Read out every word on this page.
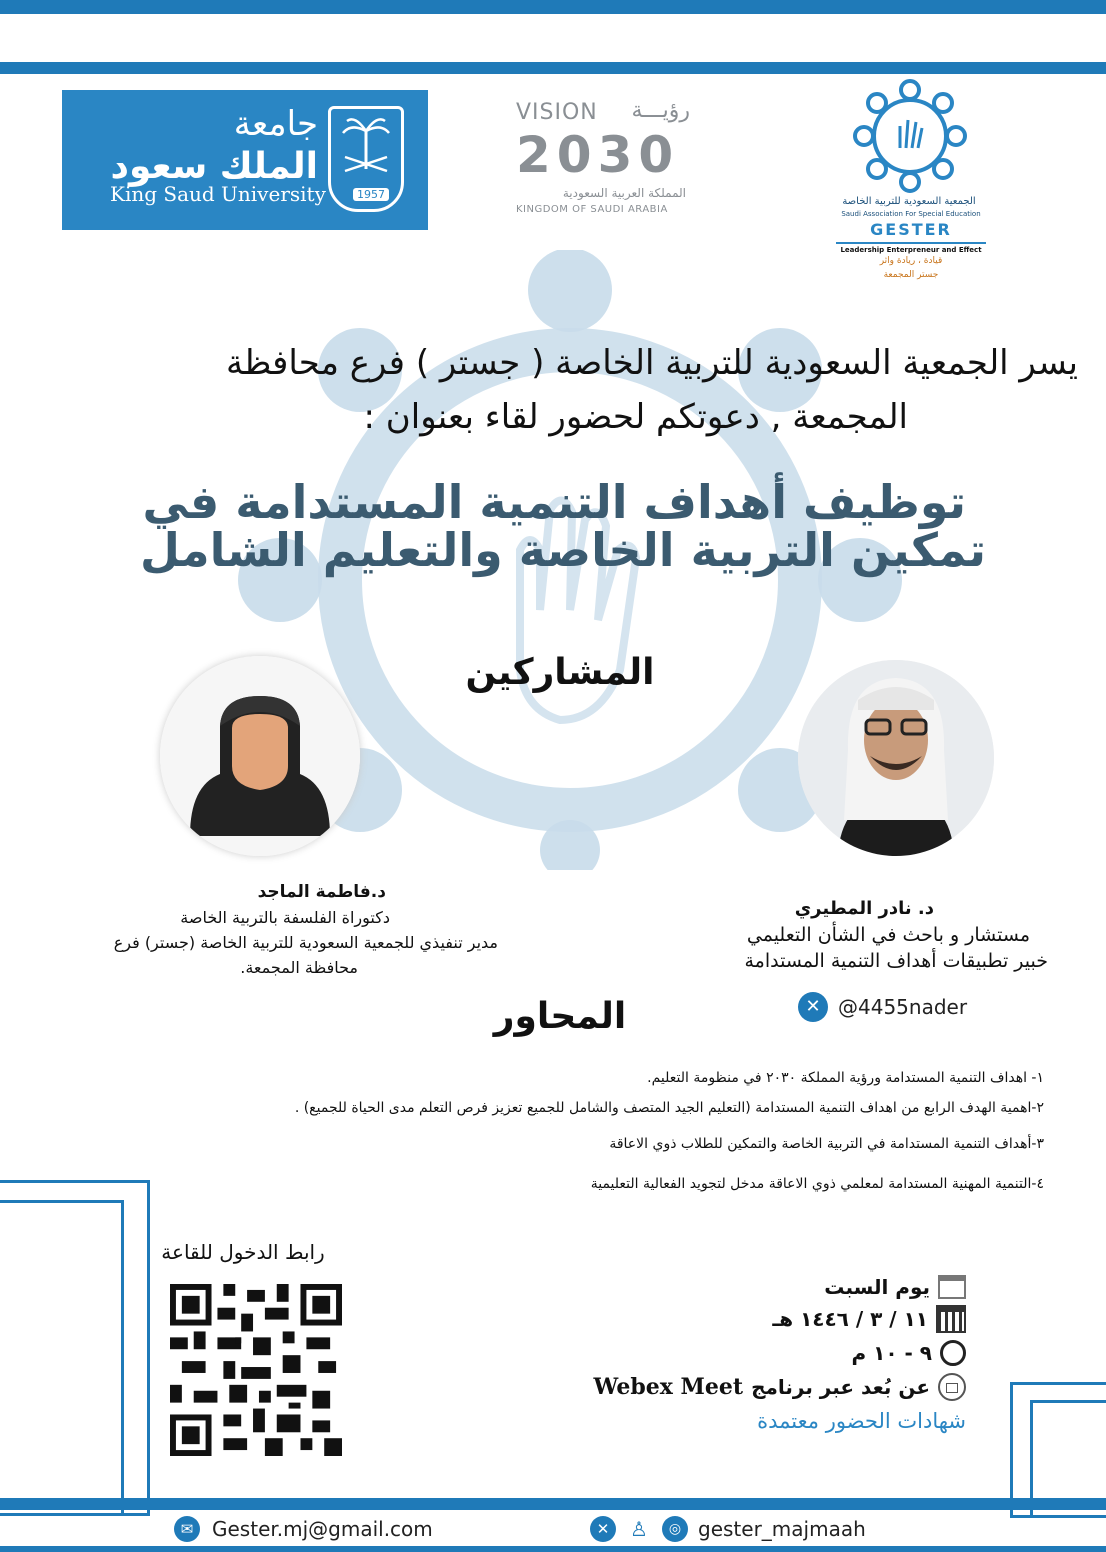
جامعة
الملك سعود
King Saud University	1957
VISION رؤيـــة
2030
المملكة العربية السعودية
KINGDOM OF SAUDI ARABIA
الجمعية السعودية للتربية الخاصة
Saudi Association For Special Education
GESTER
Leadership Enterpreneur and Effect
قيادة ، ريادة واثر
جستر المجمعة
يسر الجمعية السعودية للتربية الخاصة ( جستر ) فرع محافظة
المجمعة , دعوتكم لحضور لقاء بعنوان :
توظيف أهداف التنمية المستدامة في
تمكين التربية الخاصة والتعليم الشامل
المشاركين
د. نادر المطيري
مستشار و باحث في الشأن التعليمي
خبير تطبيقات أهداف التنمية المستدامة
✕ @4455nader
د.فاطمة الماجد
دكتوراة الفلسفة بالتربية الخاصة
مدير تنفيذي للجمعية السعودية للتربية الخاصة (جستر) فرع
محافظة المجمعة.
المحاور
١- اهداف التنمية المستدامة ورؤية المملكة ٢٠٣٠ في منظومة التعليم.
٢-اهمية الهدف الرابع من اهداف التنمية المستدامة (التعليم الجيد المتصف والشامل للجميع تعزيز فرص التعلم مدى الحياة للجميع) .
٣-أهداف التنمية المستدامة في التربية الخاصة والتمكين للطلاب ذوي الاعاقة
٤-التنمية المهنية المستدامة لمعلمي ذوي الاعاقة مدخل لتجويد الفعالية التعليمية
رابط الدخول للقاعة
يوم السبت
١١ / ٣ / ١٤٤٦ هـ
٩ - ١٠ م
عن بُعد عبر برنامج
Webex Meet
شهادات الحضور معتمدة
✉ Gester.mj@gmail.com	✕	♙	◎ gester_majmaah
